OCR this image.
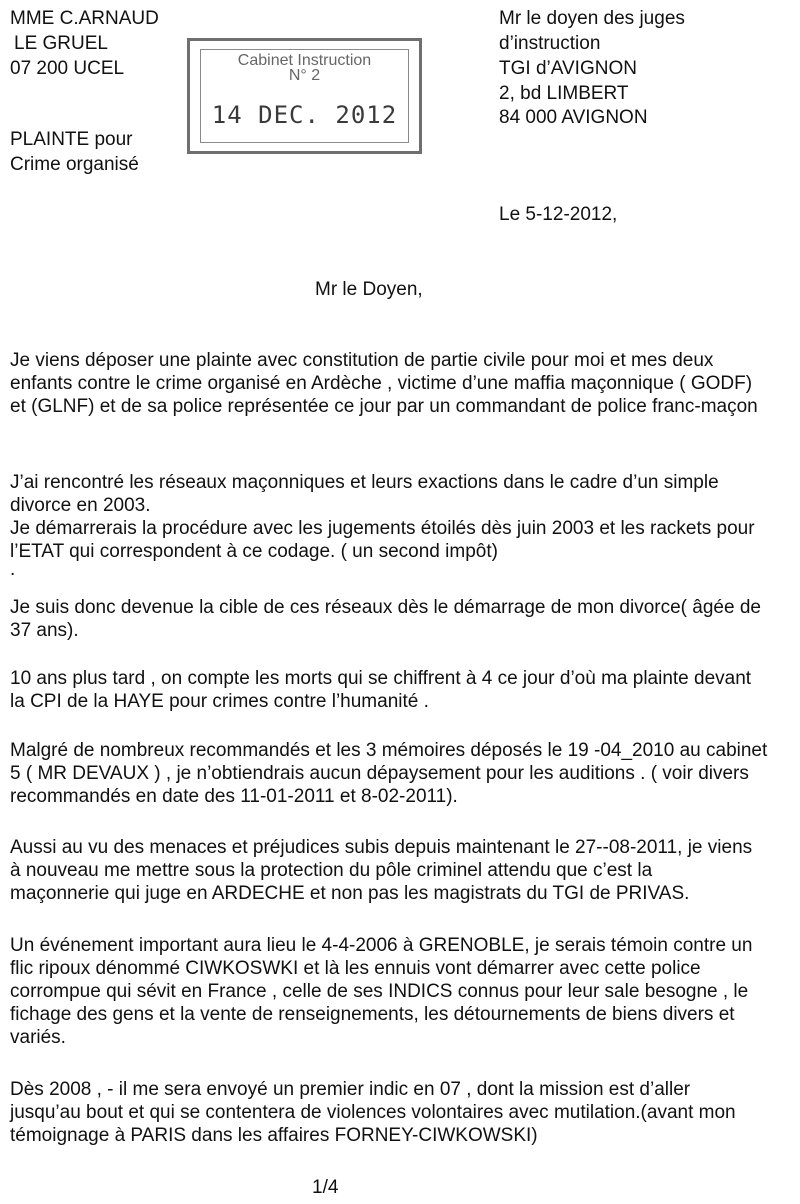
MME C.ARNAUD
LE GRUEL
07 200 UCEL
PLAINTE pour
Crime organisé
Cabinet Instruction
N° 2
14 DEC. 2012
Mr le doyen des juges
d’instruction
TGI d’AVIGNON
2, bd LIMBERT
84 000 AVIGNON
Le 5-12-2012,
Mr le Doyen,
Je viens déposer une plainte avec constitution de partie civile pour moi et mes deux
enfants contre le crime organisé en Ardèche , victime d’une maffia maçonnique ( GODF)
et (GLNF) et de sa police représentée ce jour par un commandant de police franc-maçon
J’ai rencontré les réseaux maçonniques et leurs exactions dans le cadre d’un simple
divorce en 2003.
Je démarrerais la procédure avec les jugements étoilés dès juin 2003 et les rackets pour
l’ETAT qui correspondent à ce codage. ( un second impôt)
.
Je suis donc devenue la cible de ces réseaux dès le démarrage de mon divorce( âgée de
37 ans).
10 ans plus tard , on compte les morts qui se chiffrent à 4 ce jour d’où ma plainte devant
la CPI de la HAYE pour crimes contre l’humanité .
Malgré de nombreux recommandés et les 3 mémoires déposés le 19 -04_2010 au cabinet
5 ( MR DEVAUX ) , je n’obtiendrais aucun dépaysement pour les auditions . ( voir divers
recommandés en date des 11-01-2011 et 8-02-2011).
Aussi au vu des menaces et préjudices subis depuis maintenant le 27--08-2011, je viens
à nouveau me mettre sous la protection du pôle criminel attendu que c’est la
maçonnerie qui juge en ARDECHE et non pas les magistrats du TGI de PRIVAS.
Un événement important aura lieu le 4-4-2006 à GRENOBLE, je serais témoin contre un
flic ripoux dénommé CIWKOSWKI et là les ennuis vont démarrer avec cette police
corrompue qui sévit en France , celle de ses INDICS connus pour leur sale besogne , le
fichage des gens et la vente de renseignements, les détournements de biens divers et
variés.
Dès 2008 , - il me sera envoyé un premier indic en 07 , dont la mission est d’aller
jusqu’au bout et qui se contentera de violences volontaires avec mutilation.(avant mon
témoignage à PARIS dans les affaires FORNEY-CIWKOWSKI)
1/4
